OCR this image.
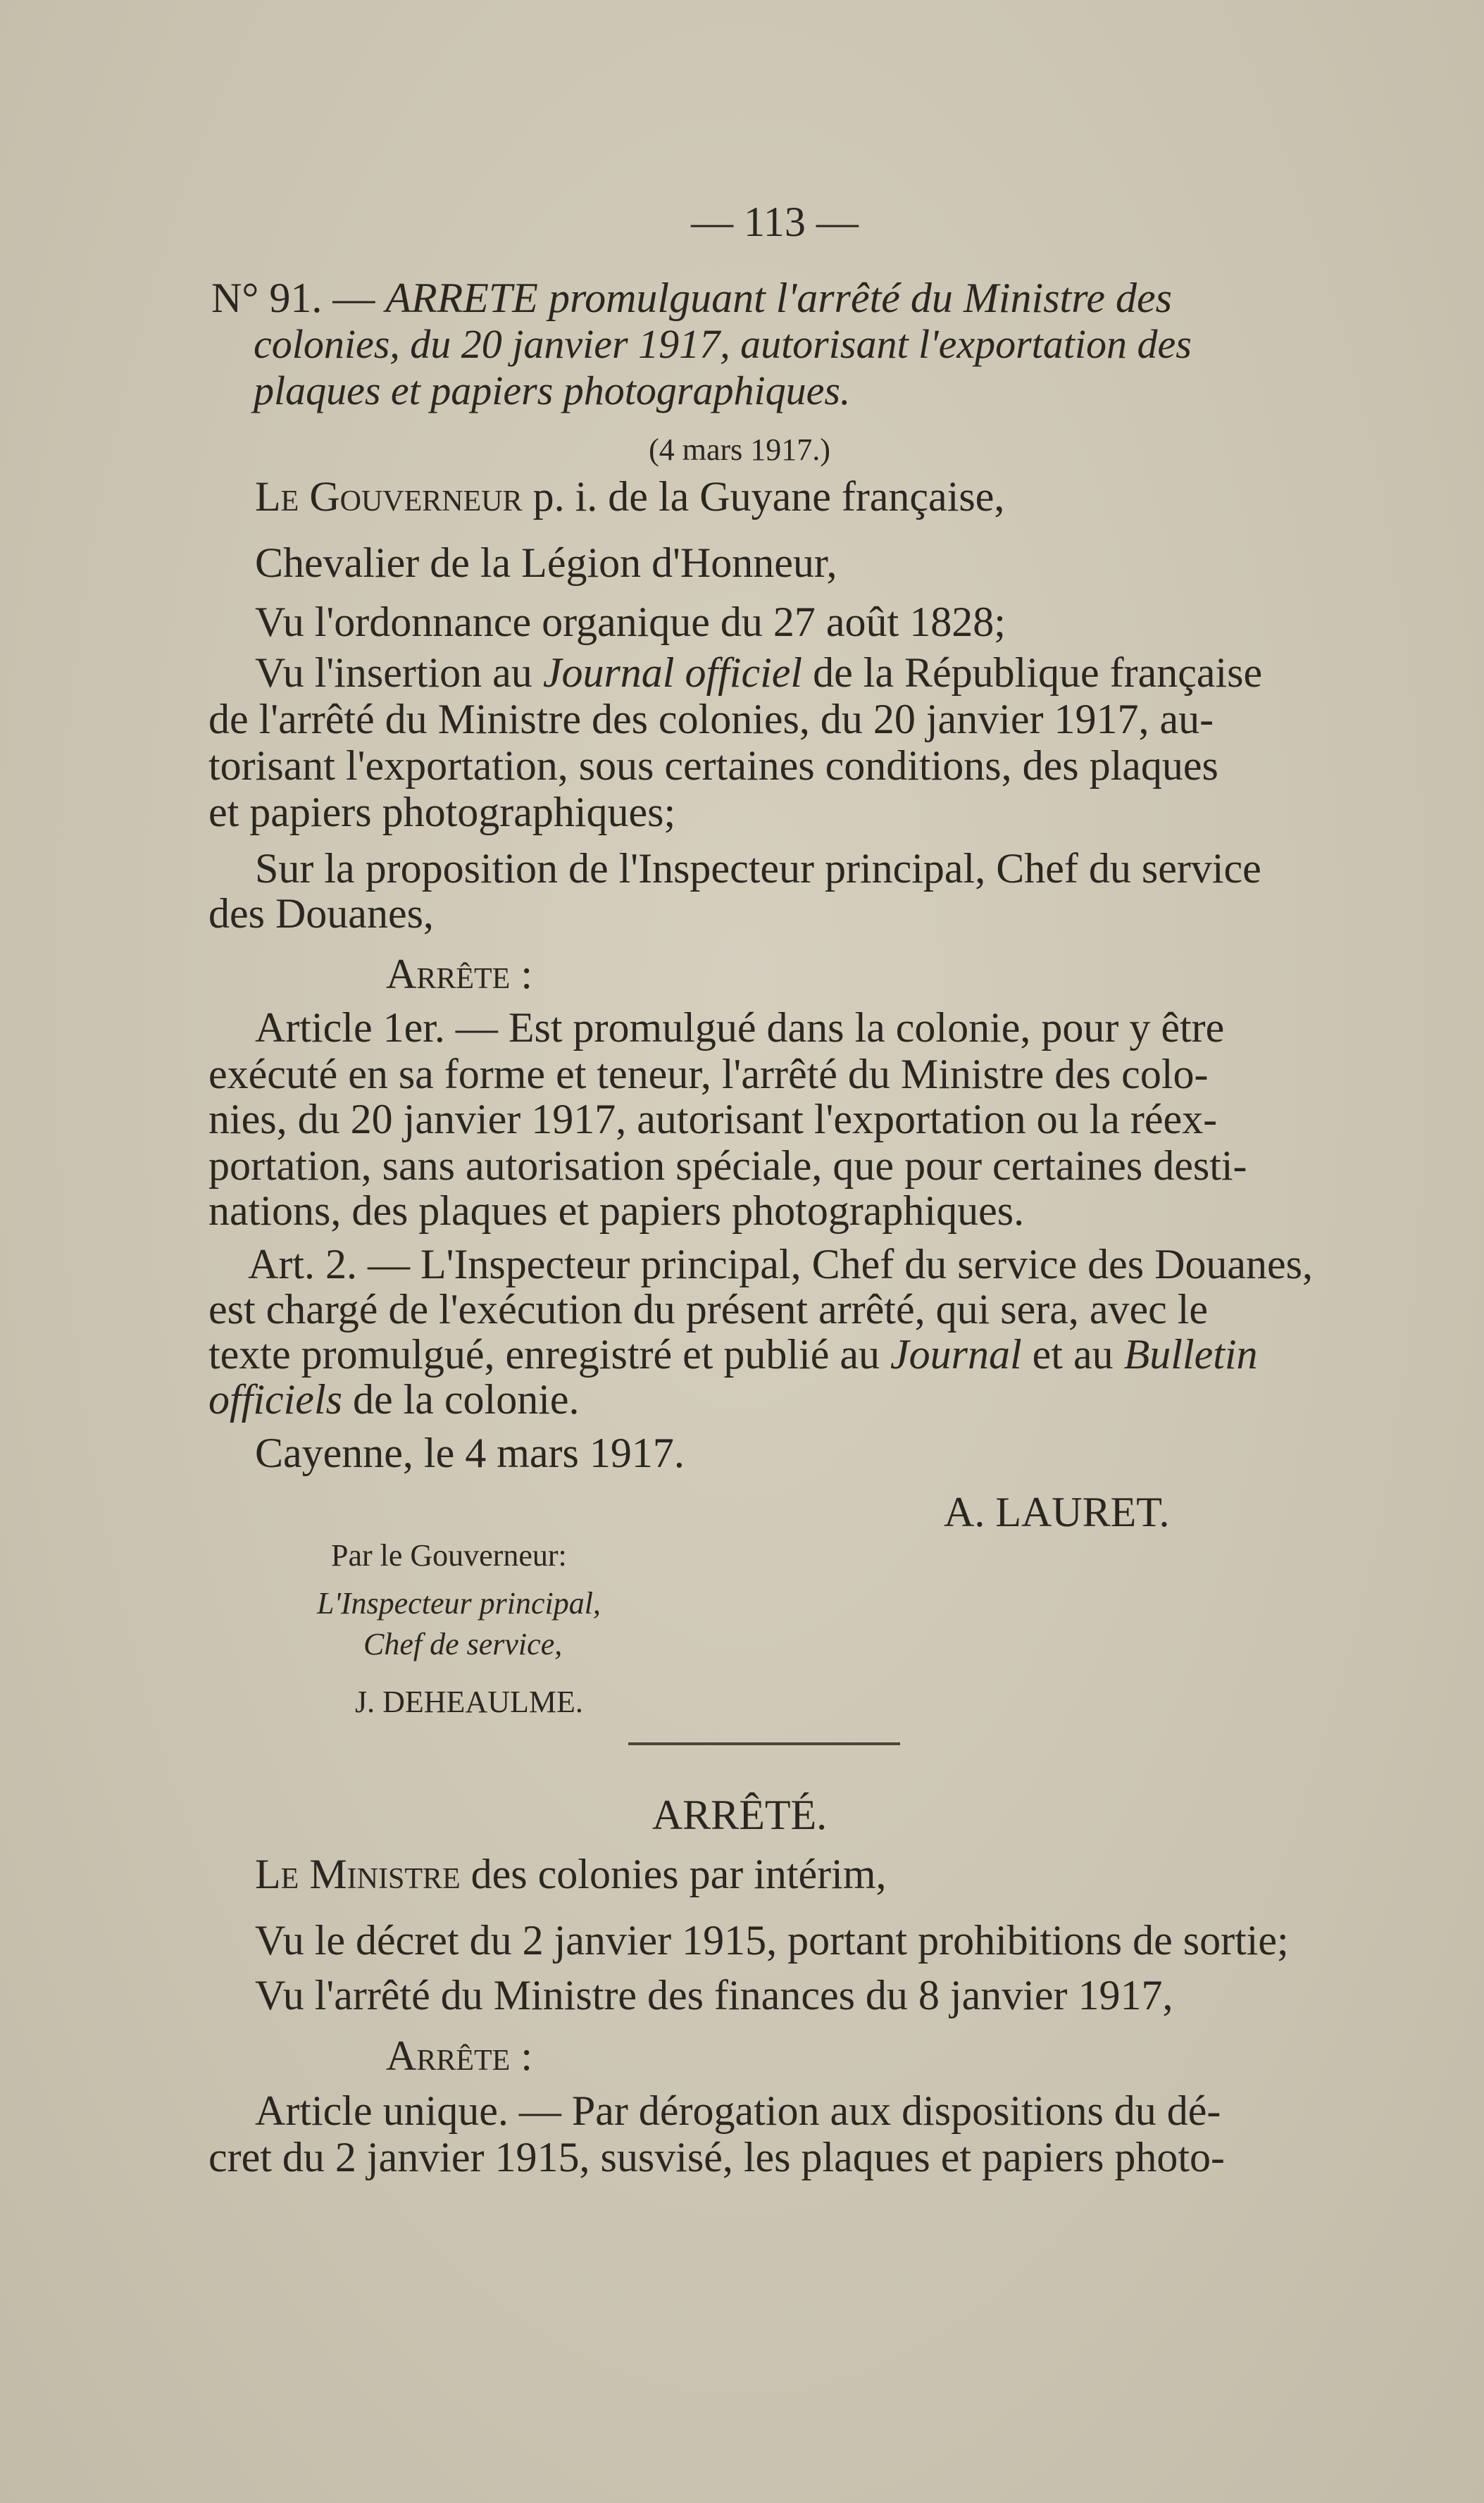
— 113 —
N° 91. — ARRETE promulguant l'arrêté du Ministre des
colonies, du 20 janvier 1917, autorisant l'exportation des
plaques et papiers photographiques.
(4 mars 1917.)
Le Gouverneur p. i. de la Guyane française,
Chevalier de la Légion d'Honneur,
Vu l'ordonnance organique du 27 août 1828;
Vu l'insertion au Journal officiel de la République française
de l'arrêté du Ministre des colonies, du 20 janvier 1917, au-
torisant l'exportation, sous certaines conditions, des plaques
et papiers photographiques;
Sur la proposition de l'Inspecteur principal, Chef du service
des Douanes,
Arrête :
Article 1er. — Est promulgué dans la colonie, pour y être
exécuté en sa forme et teneur, l'arrêté du Ministre des colo-
nies, du 20 janvier 1917, autorisant l'exportation ou la réex-
portation, sans autorisation spéciale, que pour certaines desti-
nations, des plaques et papiers photographiques.
Art. 2. — L'Inspecteur principal, Chef du service des Douanes,
est chargé de l'exécution du présent arrêté, qui sera, avec le
texte promulgué, enregistré et publié au Journal et au Bulletin
officiels de la colonie.
Cayenne, le 4 mars 1917.
A. LAURET.
Par le Gouverneur:
L'Inspecteur principal,
Chef de service,
J. DEHEAULME.
ARRÊTÉ.
Le Ministre des colonies par intérim,
Vu le décret du 2 janvier 1915, portant prohibitions de sortie;
Vu l'arrêté du Ministre des finances du 8 janvier 1917,
Arrête :
Article unique. — Par dérogation aux dispositions du dé-
cret du 2 janvier 1915, susvisé, les plaques et papiers photo-
